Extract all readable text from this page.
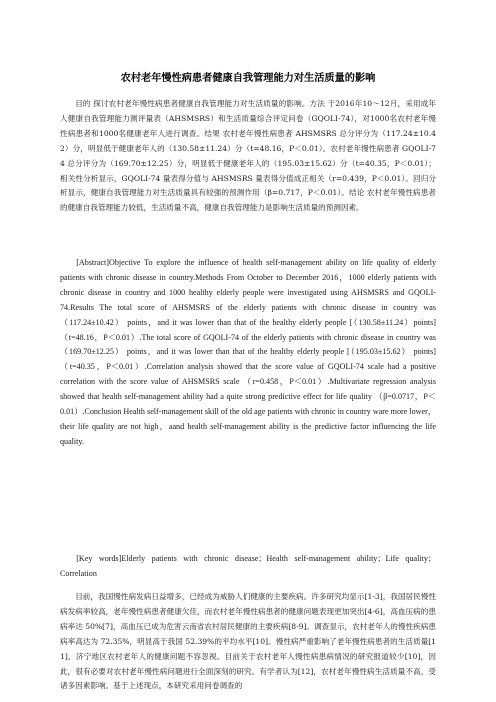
农村老年慢性病患者健康自我管理能力对生活质量的影响

目的 探讨农村老年慢性病患者健康自我管理能力对生活质量的影响。方法 于2016年10～12月，采用成年人健康自我管理能力测评量表（AHSMSRS）和生活质量综合评定问卷（GQOLI-74），对1000名农村老年慢性病患者和1000名健康老年人进行调查。结果 农村老年慢性病患者 AHSMSRS 总分评分为（117.24±10.42）分，明显低于健康老年人的（130.58±11.24）分（t=48.16，P＜0.01）。农村老年慢性病患者 GQOLI-74 总分评分为（169.70±12.25）分，明显低于健康老年人的（195.03±15.62）分（t=40.35，P＜0.01）；相关性分析显示，GQOLI-74 量表得分值与 AHSMSRS 量表得分值成正相关（r=0.439，P＜0.01）。回归分析显示，健康自我管理能力对生活质量具有较强的预测作用（β=0.717，P＜0.01）。结论 农村老年慢性病患者的健康自我管理能力较低，生活质量不高，健康自我管理能力是影响生活质量的预测因素。

[Abstract]Objective To explore the influence of health self-management ability on life quality of elderly patients with chronic disease in country.Methods From October to December 2016，1000 elderly patients with chronic disease in country and 1000 healthy elderly people were investigated using AHSMSRS and GQOLI-74.Results The total score of AHSMSRS of the elderly patients with chronic disease in country was （117.24±10.42） points，and it was lower than that of the healthy elderly people [（130.58±11.24）points]（t=48.16，P＜0.01）.The total score of GQOLI-74 of the elderly patients with chronic disease in country was （169.70±12.25） points，and it was lower than that of the healthy elderly people [（195.03±15.62） points] （t=40.35，P＜0.01）.Correlation analysis showed that the score value of GQOLI-74 scale had a positive correlation with the score value of AHSMSRS scale （r=0.458，P＜0.01）.Multivariate regression analysis showed that health self-management ability had a quite strong predictive effect for life quality （β=0.0717，P＜0.01）.Conclusion Health self-management skill of the old age patients with chronic in country ware more lower，their life quality are not high，aand health self-management ability is the predictive factor influencing the life quality.

[Key words]Elderly patients with chronic disease；Health self-management ability；Life quality；Correlation

目前，我国慢性病发病日益增多，已经成为威胁人们健康的主要疾病。许多研究均显示[1-3]，我国居民慢性病发病率较高，老年慢性病患者健康欠佳，而农村老年慢性病患者的健康问题表现更加突出[4-6]，高血压病的患病率达 50%[7]，高血压已成为危害云南省农村居民健康的主要疾病[8-9]。调查显示，农村老年人的慢性疾病患病率高达为 72.35%，明显高于我国 52.39%的平均水平[10]。慢性病严重影响了老年慢性病患者的生活质量[11]，济宁地区农村老年人的健康问题不容忽视。目前关于农村老年人慢性病患病情况的研究报道较少[10]，因此，很有必要对农村老年慢性病问题进行全面深刻的研究。有学者认为[12]，农村老年慢性病生活质量不高，受诸多因素影响。基于上述现点，本研究采用问卷调查的
